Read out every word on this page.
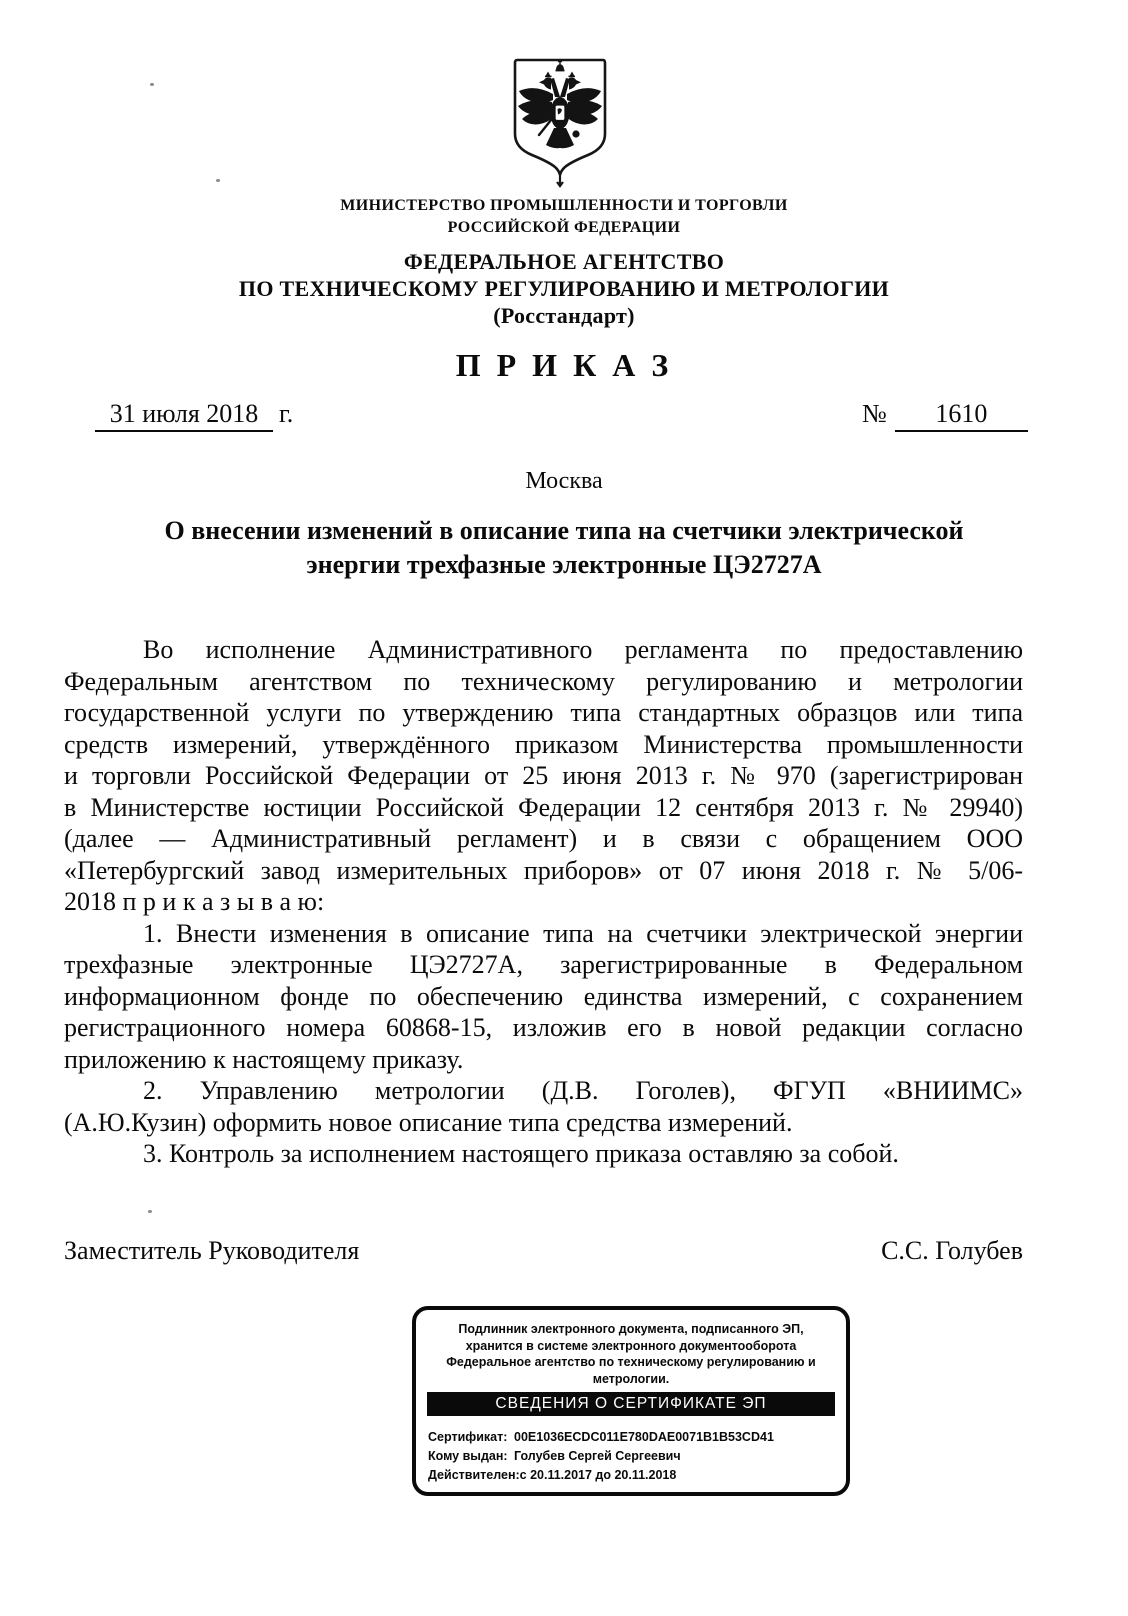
МИНИСТЕРСТВО ПРОМЫШЛЕННОСТИ И ТОРГОВЛИ
РОССИЙСКОЙ ФЕДЕРАЦИИ
ФЕДЕРАЛЬНОЕ АГЕНТСТВО
ПО ТЕХНИЧЕСКОМУ РЕГУЛИРОВАНИЮ И МЕТРОЛОГИИ
(Росстандарт)
П Р И К А З
31 июля 2018 г.	№ 1610
Москва
О внесении изменений в описание типа на счетчики электрической
энергии трехфазные электронные ЦЭ2727А
Во исполнение Административного регламента по предоставлению
Федеральным агентством по техническому регулированию и метрологии
государственной услуги по утверждению типа стандартных образцов или типа
средств измерений, утверждённого приказом Министерства промышленности
и торговли Российской Федерации от 25 июня 2013 г. № 970 (зарегистрирован
в Министерстве юстиции Российской Федерации 12 сентября 2013 г. № 29940)
(далее — Административный регламент) и в связи с обращением ООО
«Петербургский завод измерительных приборов» от 07 июня 2018 г. № 5/06-
2018 п р и к а з ы в а ю:
1. Внести изменения в описание типа на счетчики электрической энергии
трехфазные электронные ЦЭ2727А, зарегистрированные в Федеральном
информационном фонде по обеспечению единства измерений, с сохранением
регистрационного номера 60868-15, изложив его в новой редакции согласно
приложению к настоящему приказу.
2. Управлению метрологии (Д.В. Гоголев), ФГУП «ВНИИМС»
(А.Ю.Кузин) оформить новое описание типа средства измерений.
3. Контроль за исполнением настоящего приказа оставляю за собой.
Заместитель Руководителя	С.С. Голубев
Подлинник электронного документа, подписанного ЭП,
хранится в системе электронного документооборота
Федеральное агентство по техническому регулированию и
метрологии.
СВЕДЕНИЯ О СЕРТИФИКАТЕ ЭП
Сертификат: 00E1036ECDC011E780DAE0071B1B53CD41
Кому выдан: Голубев Сергей Сергеевич
Действителен: с 20.11.2017 до 20.11.2018
